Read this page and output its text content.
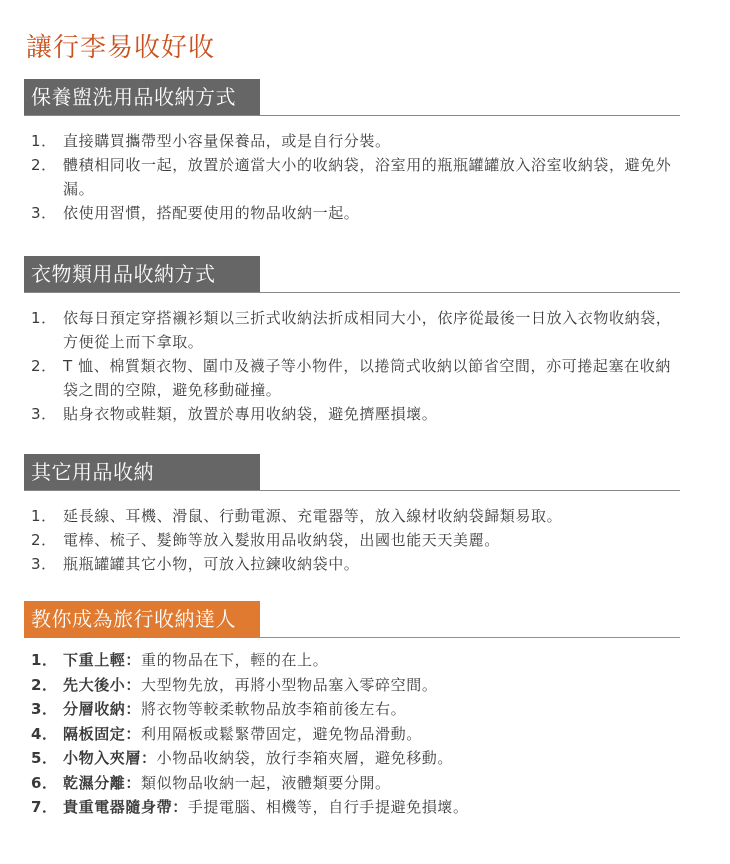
讓行李易收好收
保養盥洗用品收納方式
1． 直接購買攜帶型小容量保養品，或是自行分裝。
2． 體積相同收一起，放置於適當大小的收納袋，浴室用的瓶瓶罐罐放入浴室收納袋，避免外漏。
3． 依使用習慣，搭配要使用的物品收納一起。
衣物類用品收納方式
1． 依每日預定穿搭襯衫類以三折式收納法折成相同大小，依序從最後一日放入衣物收納袋，方便從上而下拿取。
2． T 恤、棉質類衣物、圍巾及襪子等小物件，以捲筒式收納以節省空間，亦可捲起塞在收納袋之間的空隙，避免移動碰撞。
3． 貼身衣物或鞋類，放置於專用收納袋，避免擠壓損壞。
其它用品收納
1． 延長線、耳機、滑鼠、行動電源、充電器等，放入線材收納袋歸類易取。
2． 電棒、梳子、髮飾等放入髮妝用品收納袋，出國也能天天美麗。
3． 瓶瓶罐罐其它小物，可放入拉鍊收納袋中。
教你成為旅行收納達人
1． 下重上輕：重的物品在下，輕的在上。
2． 先大後小：大型物先放，再將小型物品塞入零碎空間。
3． 分層收納：將衣物等較柔軟物品放李箱前後左右。
4． 隔板固定：利用隔板或鬆緊帶固定，避免物品滑動。
5． 小物入夾層：小物品收納袋，放行李箱夾層，避免移動。
6． 乾濕分離：類似物品收納一起，液體類要分開。
7． 貴重電器隨身帶：手提電腦、相機等，自行手提避免損壞。
